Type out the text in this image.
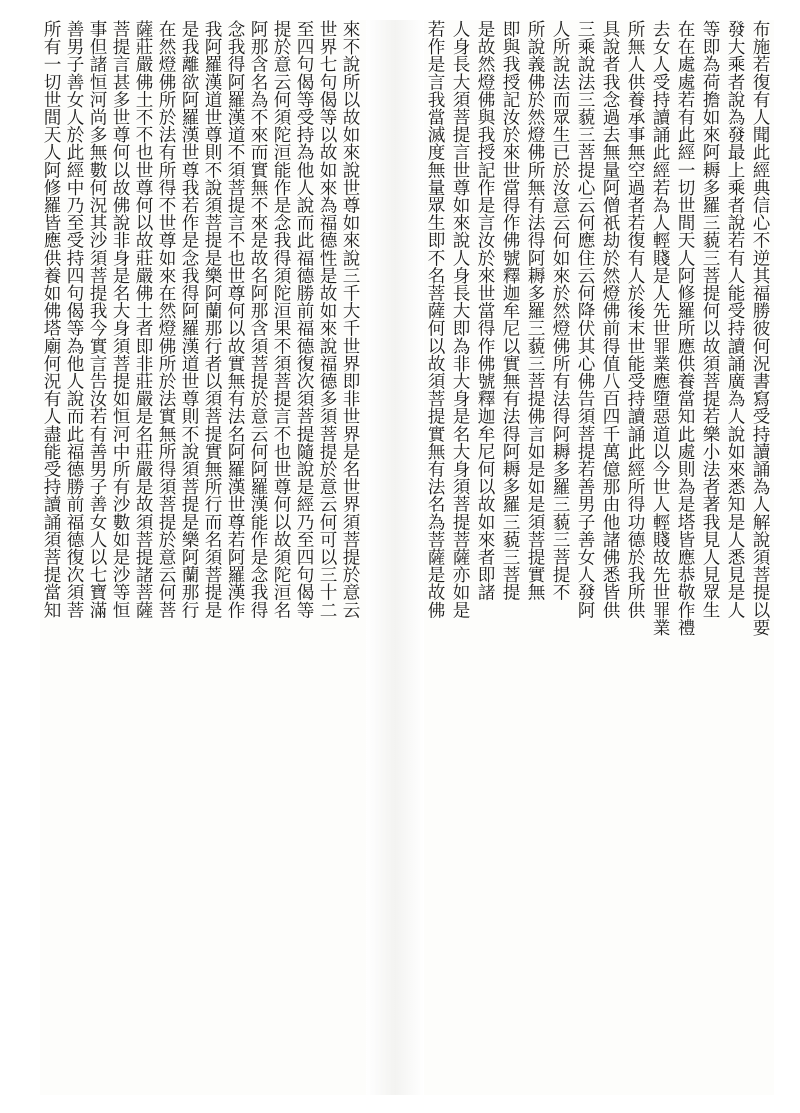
來不說所以故如來說世尊如來說三千大千世界即非世界是名世界須菩提於意云
世界七句偈等以故如來為福德性是故如來說福德多須菩提於意云何可以三十二
至四句偈等受持為他人說而此福德勝前福德復次須菩提隨說是經乃至四句偈等
提於意云何須陀洹能作是念我得須陀洹果不須菩提言不也世尊何以故須陀洹名
阿那含名為不來而實無不來是故名阿那含須菩提於意云何阿羅漢能作是念我得
念我得阿羅漢道不須菩提言不也世尊何以故實無有法名阿羅漢世尊若阿羅漢作
我阿羅漢道世尊則不說須菩提是樂阿蘭那行者以須菩提實無所行而名須菩提是
是我離欲阿羅漢世尊我若作是念我得阿羅漢道世尊則不說須菩提是樂阿蘭那行
在然燈佛所於法有所得不世尊如來在然燈佛所於法實無所得須菩提於意云何菩
薩莊嚴佛土不不也世尊何以故莊嚴佛土者即非莊嚴是名莊嚴是故須菩提諸菩薩
菩提言甚多世尊何以故佛說非身是名大身須菩提如恒河中所有沙數如是沙等恒
事但諸恒河尚多無數何況其沙須菩提我今實言告汝若有善男子善女人以七寶滿
善男子善女人於此經中乃至受持四句偈等為他人說而此福德勝前福德復次須菩
所有一切世間天人阿修羅皆應供養如佛塔廟何況有人盡能受持讀誦須菩提當知	布施若復有人聞此經典信心不逆其福勝彼何況書寫受持讀誦為人解說須菩提以要
發大乘者說為發最上乘者說若有人能受持讀誦廣為人說如來悉知是人悉見是人
等即為荷擔如來阿耨多羅三藐三菩提何以故須菩提若樂小法者著我見人見眾生
在在處處若有此經一切世間天人阿修羅所應供養當知此處則為是塔皆應恭敬作禮
去女人受持讀誦此經若為人輕賤是人先世罪業應墮惡道以今世人輕賤故先世罪業
所無人供養承事無空過者若復有人於後末世能受持讀誦此經所得功德於我所供
具說者我念過去無量阿僧祇劫於然燈佛前得值八百四千萬億那由他諸佛悉皆供
三乘說法三藐三菩提心云何應住云何降伏其心佛告須菩提若善男子善女人發阿
人所說法而眾生已於汝意云何如來於然燈佛所有法得阿耨多羅三藐三菩提不
所說義佛於然燈佛所無有法得阿耨多羅三藐三菩提佛言如是如是須菩提實無
即與我授記汝於來世當得作佛號釋迦牟尼以實無有法得阿耨多羅三藐三菩提
是故然燈佛與我授記作是言汝於來世當得作佛號釋迦牟尼何以故如來者即諸
人身長大須菩提言世尊如來說人身長大即為非大身是名大身須菩提菩薩亦如是
若作是言我當滅度無量眾生即不名菩薩何以故須菩提實無有法名為菩薩是故佛
